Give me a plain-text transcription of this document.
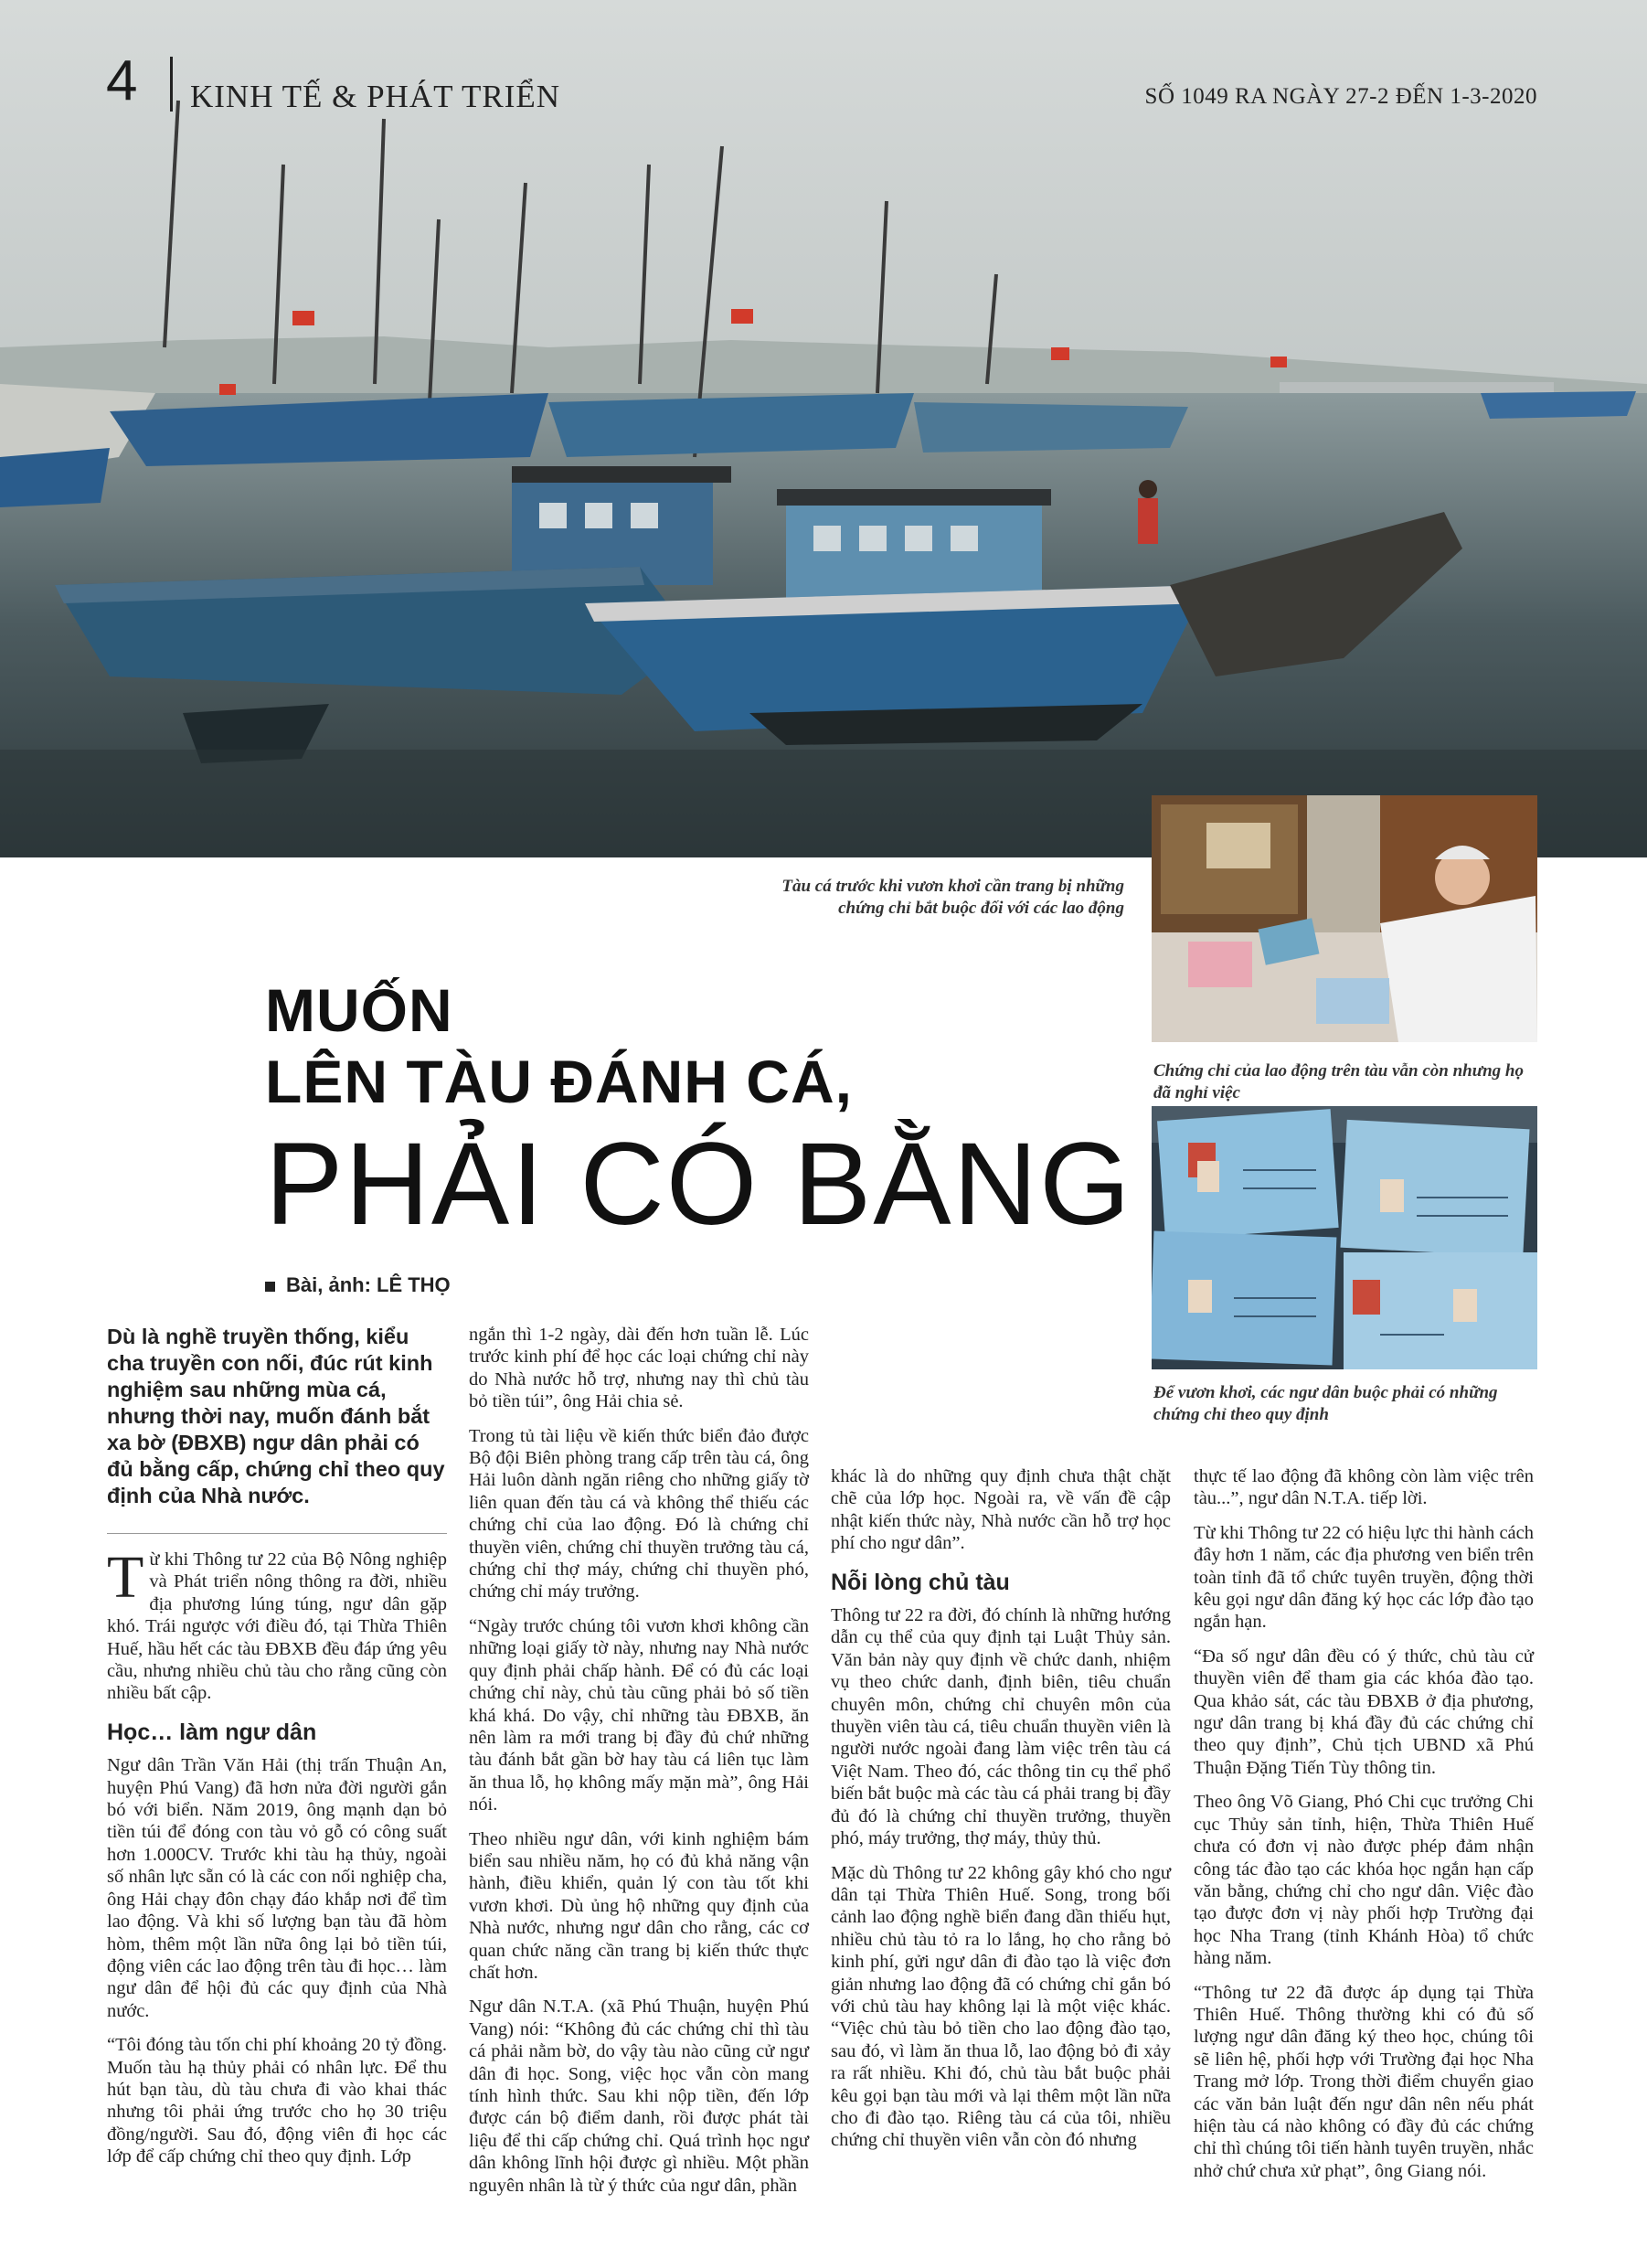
4 KINH TẾ & PHÁT TRIỂN	SỐ 1049 RA NGÀY 27-2 ĐẾN 1-3-2020
Tàu cá trước khi vươn khơi cần trang bị những chứng chỉ bắt buộc đối với các lao động
Chứng chỉ của lao động trên tàu vẫn còn nhưng họ đã nghỉ việc
Để vươn khơi, các ngư dân buộc phải có những chứng chỉ theo quy định
MUỐN
LÊN TÀU ĐÁNH CÁ,
PHẢI CÓ BẰNG
Bài, ảnh: LÊ THỌ

Dù là nghề truyền thống, kiểu cha truyền con nối, đúc rút kinh nghiệm sau những mùa cá, nhưng thời nay, muốn đánh bắt xa bờ (ĐBXB) ngư dân phải có đủ bằng cấp, chứng chỉ theo quy định của Nhà nước.

Từ khi Thông tư 22 của Bộ Nông nghiệp và Phát triển nông thông ra đời, nhiều địa phương lúng túng, ngư dân gặp khó. Trái ngược với điều đó, tại Thừa Thiên Huế, hầu hết các tàu ĐBXB đều đáp ứng yêu cầu, nhưng nhiều chủ tàu cho rằng cũng còn nhiều bất cập.

Học… làm ngư dân

Ngư dân Trần Văn Hải (thị trấn Thuận An, huyện Phú Vang) đã hơn nửa đời người gắn bó với biển. Năm 2019, ông mạnh dạn bỏ tiền túi để đóng con tàu vỏ gỗ có công suất hơn 1.000CV. Trước khi tàu hạ thủy, ngoài số nhân lực sẵn có là các con nối nghiệp cha, ông Hải chạy đôn chạy đáo khắp nơi để tìm lao động. Và khi số lượng bạn tàu đã hòm hòm, thêm một lần nữa ông lại bỏ tiền túi, động viên các lao động trên tàu đi học… làm ngư dân để hội đủ các quy định của Nhà nước.

“Tôi đóng tàu tốn chi phí khoảng 20 tỷ đồng. Muốn tàu hạ thủy phải có nhân lực. Để thu hút bạn tàu, dù tàu chưa đi vào khai thác nhưng tôi phải ứng trước cho họ 30 triệu đồng/người. Sau đó, động viên đi học các lớp để cấp chứng chỉ theo quy định. Lớp

ngắn thì 1-2 ngày, dài đến hơn tuần lễ. Lúc trước kinh phí để học các loại chứng chỉ này do Nhà nước hỗ trợ, nhưng nay thì chủ tàu bỏ tiền túi”, ông Hải chia sẻ.

Trong tủ tài liệu về kiến thức biển đảo được Bộ đội Biên phòng trang cấp trên tàu cá, ông Hải luôn dành ngăn riêng cho những giấy tờ liên quan đến tàu cá và không thể thiếu các chứng chỉ của lao động. Đó là chứng chỉ thuyền viên, chứng chỉ thuyền trưởng tàu cá, chứng chỉ thợ máy, chứng chỉ thuyền phó, chứng chỉ máy trưởng.

“Ngày trước chúng tôi vươn khơi không cần những loại giấy tờ này, nhưng nay Nhà nước quy định phải chấp hành. Để có đủ các loại chứng chỉ này, chủ tàu cũng phải bỏ số tiền khá khá. Do vậy, chỉ những tàu ĐBXB, ăn nên làm ra mới trang bị đầy đủ chứ những tàu đánh bắt gần bờ hay tàu cá liên tục làm ăn thua lỗ, họ không mấy mặn mà”, ông Hải nói.

Theo nhiều ngư dân, với kinh nghiệm bám biển sau nhiều năm, họ có đủ khả năng vận hành, điều khiển, quản lý con tàu tốt khi vươn khơi. Dù ủng hộ những quy định của Nhà nước, nhưng ngư dân cho rằng, các cơ quan chức năng cần trang bị kiến thức thực chất hơn.

Ngư dân N.T.A. (xã Phú Thuận, huyện Phú Vang) nói: “Không đủ các chứng chỉ thì tàu cá phải nằm bờ, do vậy tàu nào cũng cử ngư dân đi học. Song, việc học vẫn còn mang tính hình thức. Sau khi nộp tiền, đến lớp được cán bộ điểm danh, rồi được phát tài liệu để thi cấp chứng chỉ. Quá trình học ngư dân không lĩnh hội được gì nhiều. Một phần nguyên nhân là từ ý thức của ngư dân, phần

khác là do những quy định chưa thật chặt chẽ của lớp học. Ngoài ra, về vấn đề cập nhật kiến thức này, Nhà nước cần hỗ trợ học phí cho ngư dân”.

Nỗi lòng chủ tàu

Thông tư 22 ra đời, đó chính là những hướng dẫn cụ thể của quy định tại Luật Thủy sản. Văn bản này quy định về chức danh, nhiệm vụ theo chức danh, định biên, tiêu chuẩn chuyên môn, chứng chỉ chuyên môn của thuyền viên tàu cá, tiêu chuẩn thuyền viên là người nước ngoài đang làm việc trên tàu cá Việt Nam. Theo đó, các thông tin cụ thể phổ biến bắt buộc mà các tàu cá phải trang bị đầy đủ đó là chứng chỉ thuyền trưởng, thuyền phó, máy trưởng, thợ máy, thủy thủ.

Mặc dù Thông tư 22 không gây khó cho ngư dân tại Thừa Thiên Huế. Song, trong bối cảnh lao động nghề biển đang dần thiếu hụt, nhiều chủ tàu tỏ ra lo lắng, họ cho rằng bỏ kinh phí, gửi ngư dân đi đào tạo là việc đơn giản nhưng lao động đã có chứng chỉ gắn bó với chủ tàu hay không lại là một việc khác. “Việc chủ tàu bỏ tiền cho lao động đào tạo, sau đó, vì làm ăn thua lỗ, lao động bỏ đi xảy ra rất nhiều. Khi đó, chủ tàu bắt buộc phải kêu gọi bạn tàu mới và lại thêm một lần nữa cho đi đào tạo. Riêng tàu cá của tôi, nhiều chứng chỉ thuyền viên vẫn còn đó nhưng

thực tế lao động đã không còn làm việc trên tàu...”, ngư dân N.T.A. tiếp lời.

Từ khi Thông tư 22 có hiệu lực thi hành cách đây hơn 1 năm, các địa phương ven biển trên toàn tỉnh đã tổ chức tuyên truyền, động thời kêu gọi ngư dân đăng ký học các lớp đào tạo ngắn hạn.

“Đa số ngư dân đều có ý thức, chủ tàu cử thuyền viên để tham gia các khóa đào tạo. Qua khảo sát, các tàu ĐBXB ở địa phương, ngư dân trang bị khá đầy đủ các chứng chỉ theo quy định”, Chủ tịch UBND xã Phú Thuận Đặng Tiến Tùy thông tin.

Theo ông Võ Giang, Phó Chi cục trưởng Chi cục Thủy sản tỉnh, hiện, Thừa Thiên Huế chưa có đơn vị nào được phép đảm nhận công tác đào tạo các khóa học ngắn hạn cấp văn bằng, chứng chỉ cho ngư dân. Việc đào tạo được đơn vị này phối hợp Trường đại học Nha Trang (tỉnh Khánh Hòa) tổ chức hàng năm.

“Thông tư 22 đã được áp dụng tại Thừa Thiên Huế. Thông thường khi có đủ số lượng ngư dân đăng ký theo học, chúng tôi sẽ liên hệ, phối hợp với Trường đại học Nha Trang mở lớp. Trong thời điểm chuyển giao các văn bản luật đến ngư dân nên nếu phát hiện tàu cá nào không có đầy đủ các chứng chỉ thì chúng tôi tiến hành tuyên truyền, nhắc nhở chứ chưa xử phạt”, ông Giang nói.
